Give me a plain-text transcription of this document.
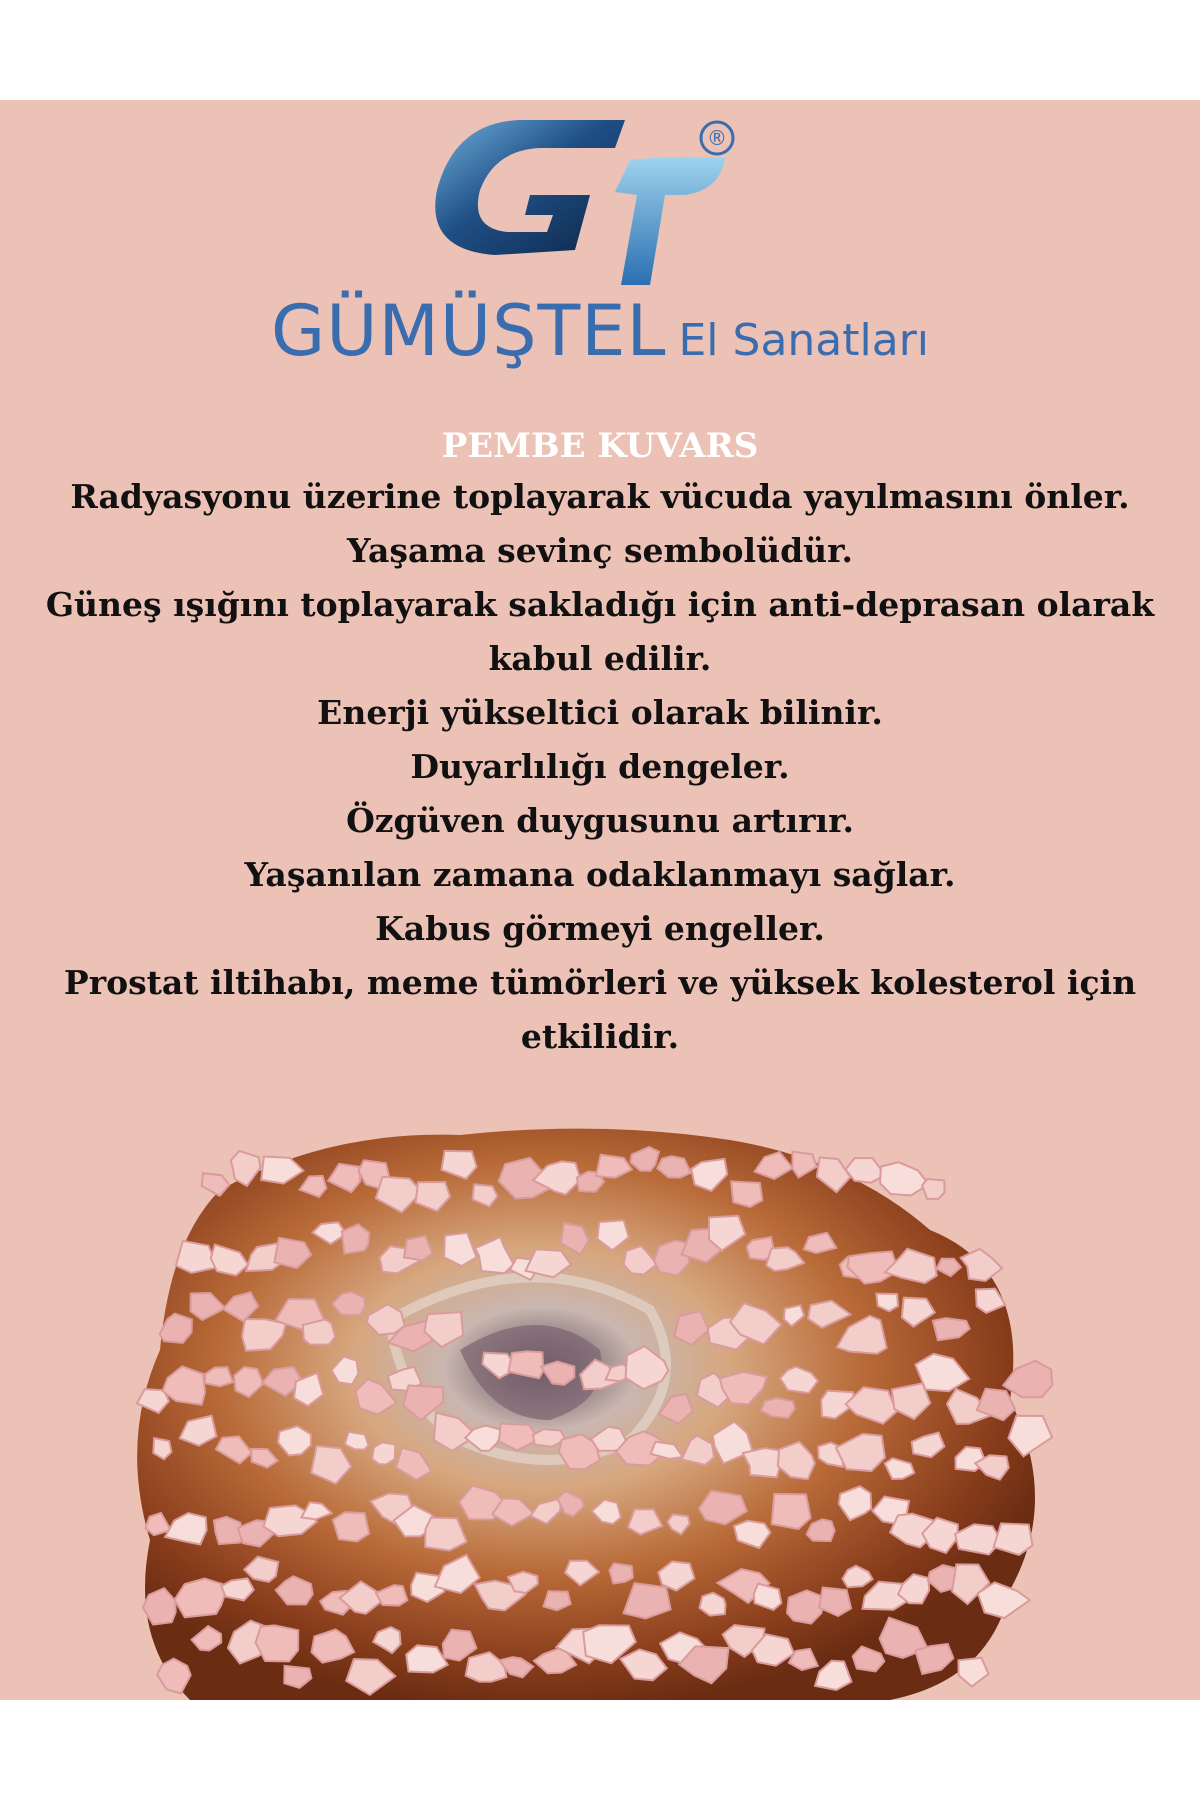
®
GÜMÜŞTEL El Sanatları
PEMBE KUVARS
Radyasyonu üzerine toplayarak vücuda yayılmasını önler.
Yaşama sevinç sembolüdür.
Güneş ışığını toplayarak sakladığı için anti-deprasan olarak kabul edilir.
Enerji yükseltici olarak bilinir.
Duyarlılığı dengeler.
Özgüven duygusunu artırır.
Yaşanılan zamana odaklanmayı sağlar.
Kabus görmeyi engeller.
Prostat iltihabı, meme tümörleri ve yüksek kolesterol için etkilidir.
